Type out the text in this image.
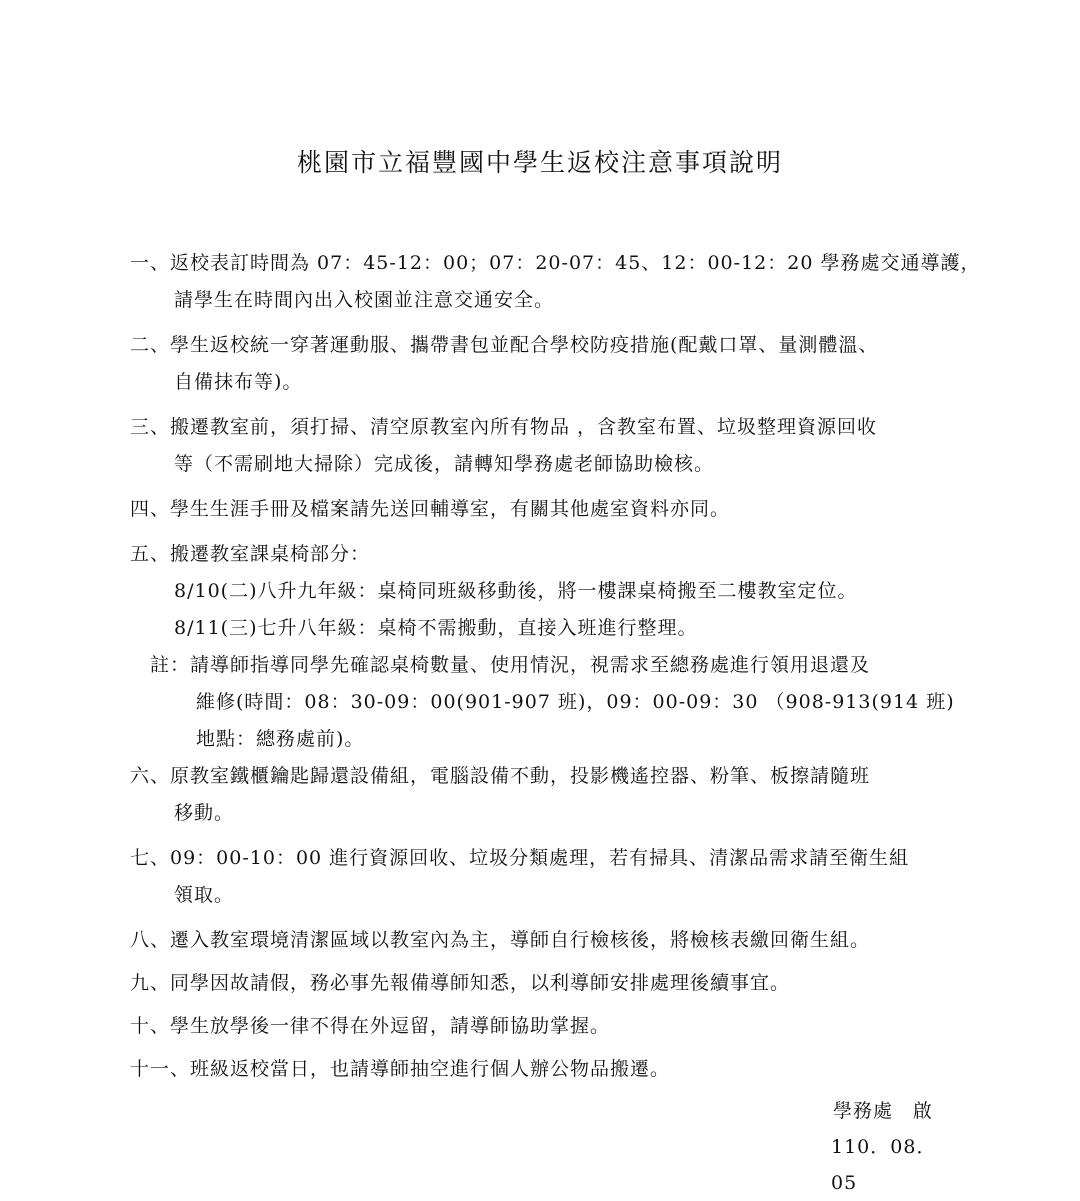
桃園市立福豐國中學生返校注意事項說明
一、返校表訂時間為 07：45-12：00；07：20-07：45、12：00-12：20 學務處交通導護，
請學生在時間內出入校園並注意交通安全。
二、學生返校統一穿著運動服、攜帶書包並配合學校防疫措施(配戴口罩、量測體溫、
自備抹布等)。
三、搬遷教室前，須打掃、清空原教室內所有物品 ，含教室布置、垃圾整理資源回收
等（不需刷地大掃除）完成後，請轉知學務處老師協助檢核。
四、學生生涯手冊及檔案請先送回輔導室，有關其他處室資料亦同。
五、搬遷教室課桌椅部分：
8/10(二)八升九年級：桌椅同班級移動後，將一樓課桌椅搬至二樓教室定位。
8/11(三)七升八年級：桌椅不需搬動，直接入班進行整理。
註：請導師指導同學先確認桌椅數量、使用情況，視需求至總務處進行領用退還及
維修(時間：08：30-09：00(901-907 班)，09：00-09：30 （908-913(914 班)
地點：總務處前)。
六、原教室鐵櫃鑰匙歸還設備組，電腦設備不動，投影機遙控器、粉筆、板擦請隨班
移動。
七、09：00-10：00 進行資源回收、垃圾分類處理，若有掃具、清潔品需求請至衛生組
領取。
八、遷入教室環境清潔區域以教室內為主，導師自行檢核後，將檢核表繳回衛生組。
九、同學因故請假，務必事先報備導師知悉，以利導師安排處理後續事宜。
十、學生放學後一律不得在外逗留，請導師協助掌握。
十一、班級返校當日，也請導師抽空進行個人辦公物品搬遷。
學務處　啟
110．08．05
